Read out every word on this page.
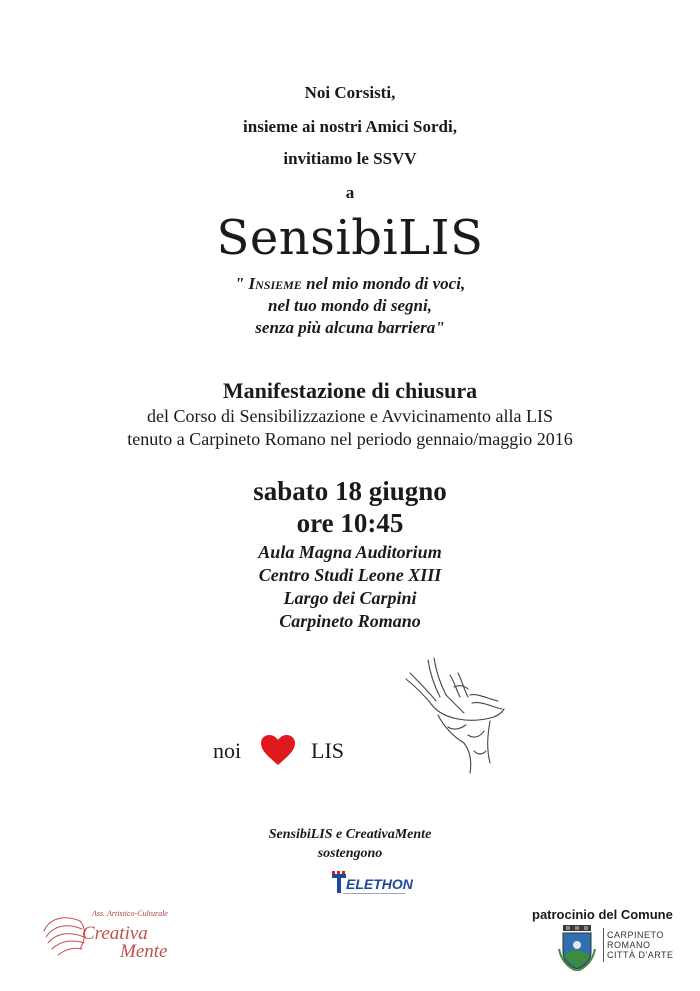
Noi Corsisti,
insieme ai nostri Amici Sordi,
invitiamo le SSVV
a
SensibiLIS
" Insieme nel mio mondo di voci,
nel tuo mondo di segni,
senza più alcuna barriera"
Manifestazione di chiusura
del Corso di Sensibilizzazione e Avvicinamento alla LIS
tenuto a Carpineto Romano nel periodo gennaio/maggio 2016
sabato 18 giugno
ore 10:45
Aula Magna Auditorium
Centro Studi Leone XIII
Largo dei Carpini
Carpineto Romano
noi	LIS
SensibiLIS e CreativaMente
sostengono
ELETHON
Ass. Artistico-Culturale
Creativa
Mente
patrocinio del Comune
CARPINETO
ROMANO
CITTÀ D'ARTE
